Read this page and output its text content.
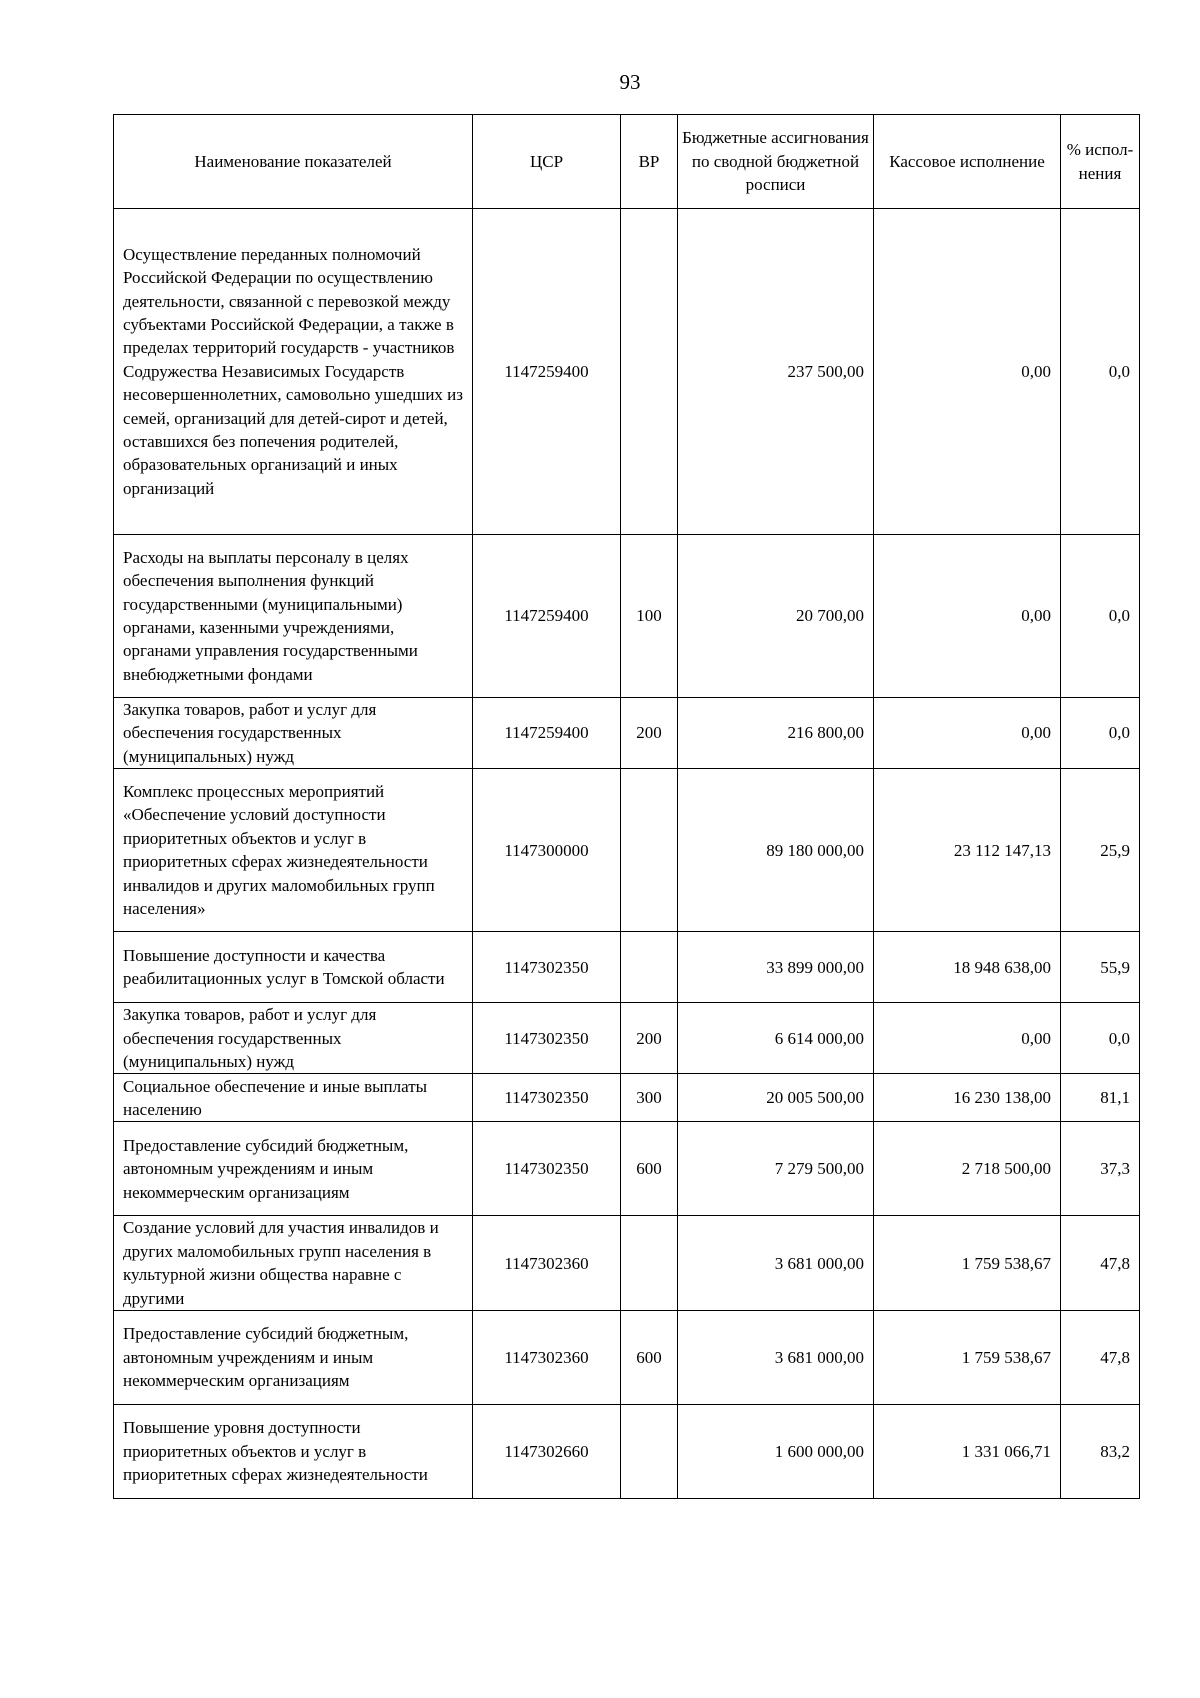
93
Наименование показателей	ЦСР	ВР	Бюджетные ассигнования по сводной бюджетной росписи	Кассовое исполнение	% испол-нения
Осуществление переданных полномочий Российской Федерации по осуществлению деятельности, связанной с перевозкой между субъектами Российской Федерации, а также в пределах территорий государств - участников Содружества Независимых Государств несовершеннолетних, самовольно ушедших из семей, организаций для детей-сирот и детей, оставшихся без попечения родителей, образовательных организаций и иных организаций	1147259400		237 500,00	0,00	0,0
Расходы на выплаты персоналу в целях обеспечения выполнения функций государственными (муниципальными) органами, казенными учреждениями, органами управления государственными внебюджетными фондами	1147259400	100	20 700,00	0,00	0,0
Закупка товаров, работ и услуг для обеспечения государственных (муниципальных) нужд	1147259400	200	216 800,00	0,00	0,0
Комплекс процессных мероприятий «Обеспечение условий доступности приоритетных объектов и услуг в приоритетных сферах жизнедеятельности инвалидов и других маломобильных групп населения»	1147300000		89 180 000,00	23 112 147,13	25,9
Повышение доступности и качества реабилитационных услуг в Томской области	1147302350		33 899 000,00	18 948 638,00	55,9
Закупка товаров, работ и услуг для обеспечения государственных (муниципальных) нужд	1147302350	200	6 614 000,00	0,00	0,0
Социальное обеспечение и иные выплаты населению	1147302350	300	20 005 500,00	16 230 138,00	81,1
Предоставление субсидий бюджетным, автономным учреждениям и иным некоммерческим организациям	1147302350	600	7 279 500,00	2 718 500,00	37,3
Создание условий для участия инвалидов и других маломобильных групп населения в культурной жизни общества наравне с другими	1147302360		3 681 000,00	1 759 538,67	47,8
Предоставление субсидий бюджетным, автономным учреждениям и иным некоммерческим организациям	1147302360	600	3 681 000,00	1 759 538,67	47,8
Повышение уровня доступности приоритетных объектов и услуг в приоритетных сферах жизнедеятельности	1147302660		1 600 000,00	1 331 066,71	83,2
